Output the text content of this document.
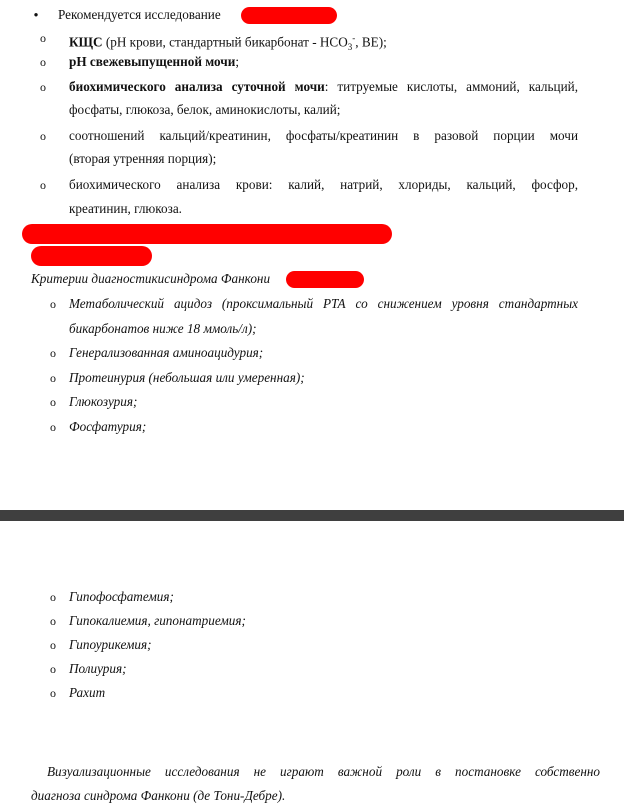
● Рекомендуется исследование
o КЩС (рН крови, стандартный бикарбонат - $HCO_3^-$, BE);
o рН свежевыпущенной мочи;
o биохимического анализа суточной мочи: титруемые кислоты, аммоний, кальций,
фосфаты, глюкоза, белок, аминокислоты, калий;
o соотношений кальций/креатинин, фосфаты/креатинин в разовой порции мочи
(вторая утренняя порция);
o биохимического анализа крови: калий, натрий, хлориды, кальций, фосфор,
креатинин, глюкоза.
Критерии диагностикисиндрома Фанкони
o Метаболический ацидоз (проксимальный РТА со снижением уровня стандартных
бикарбонатов ниже 18 ммоль/л);
o Генерализованная аминоацидурия;
o Протеинурия (небольшая или умеренная);
o Глюкозурия;
o Фосфатурия;
o Гипофосфатемия;
o Гипокалиемия, гипонатриемия;
o Гипоурикемия;
o Полиурия;
o Рахит
Визуализационные исследования не играют важной роли в постановке собственно
диагноза синдрома Фанкони (де Тони-Дебре).
